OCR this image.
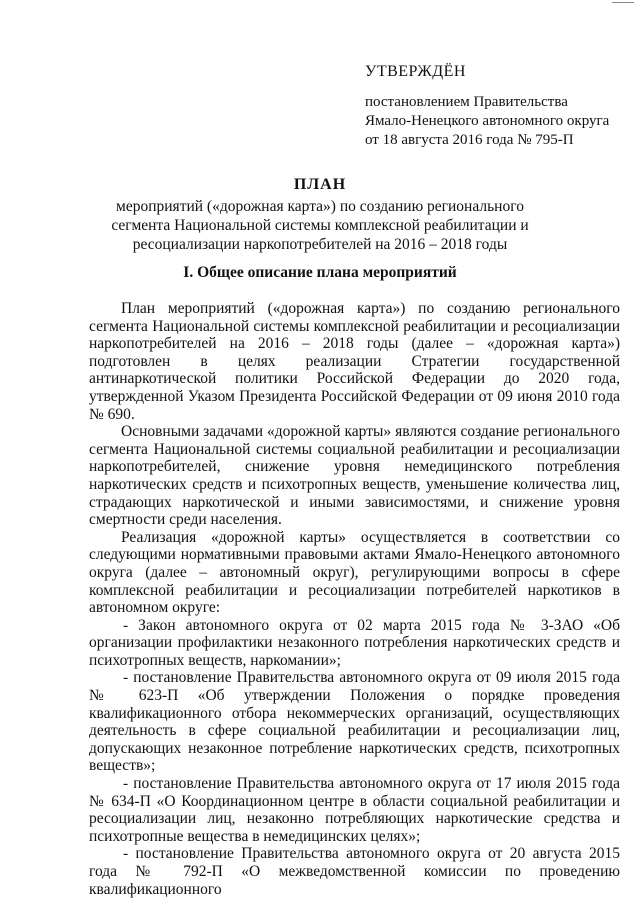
УТВЕРЖДЁН
постановлением Правительства
Ямало-Ненецкого автономного округа
от 18 августа 2016 года № 795-П
ПЛАН
мероприятий («дорожная карта») по созданию регионального сегмента Национальной системы комплексной реабилитации и ресоциализации наркопотребителей на 2016 – 2018 годы
I. Общее описание плана мероприятий

План мероприятий («дорожная карта») по созданию регионального сегмента Национальной системы комплексной реабилитации и ресоциализации наркопотребителей на 2016 – 2018 годы (далее – «дорожная карта») подготовлен в целях реализации Стратегии государственной антинаркотической политики Российской Федерации до 2020 года, утвержденной Указом Президента Российской Федерации от 09 июня 2010 года № 690.

Основными задачами «дорожной карты» являются создание регионального сегмента Национальной системы социальной реабилитации и ресоциализации наркопотребителей, снижение уровня немедицинского потребления наркотических средств и психотропных веществ, уменьшение количества лиц, страдающих наркотической и иными зависимостями, и снижение уровня смертности среди населения.

Реализация «дорожной карты» осуществляется в соответствии со следующими нормативными правовыми актами Ямало-Ненецкого автономного округа (далее – автономный округ), регулирующими вопросы в сфере комплексной реабилитации и ресоциализации потребителей наркотиков в автономном округе:

- Закон автономного округа от 02 марта 2015 года № 3-ЗАО «Об организации профилактики незаконного потребления наркотических средств и психотропных веществ, наркомании»;

- постановление Правительства автономного округа от 09 июля 2015 года № 623-П «Об утверждении Положения о порядке проведения квалификационного отбора некоммерческих организаций, осуществляющих деятельность в сфере социальной реабилитации и ресоциализации лиц, допускающих незаконное потребление наркотических средств, психотропных веществ»;

- постановление Правительства автономного округа от 17 июля 2015 года № 634-П «О Координационном центре в области социальной реабилитации и ресоциализации лиц, незаконно потребляющих наркотические средства и психотропные вещества в немедицинских целях»;

- постановление Правительства автономного округа от 20 августа 2015 года № 792-П «О межведомственной комиссии по проведению квалификационного
